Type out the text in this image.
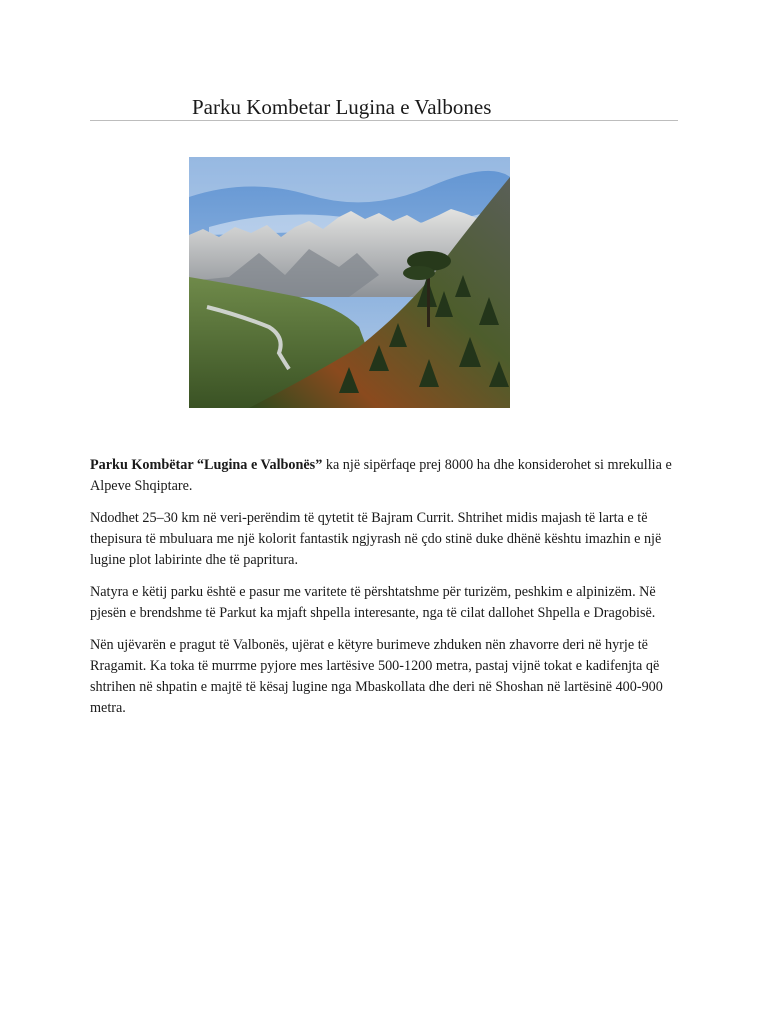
Parku Kombetar Lugina e Valbones

Parku Kombëtar “Lugina e Valbonës” ka një sipërfaqe prej 8000 ha dhe konsiderohet si mrekullia e Alpeve Shqiptare.

Ndodhet 25–30 km në veri-perëndim të qytetit të Bajram Currit. Shtrihet midis majash të larta e të thepisura të mbuluara me një kolorit fantastik ngjyrash në çdo stinë duke dhënë kështu imazhin e një lugine plot labirinte dhe të papritura.

Natyra e këtij parku është e pasur me varitete të përshtatshme për turizëm, peshkim e alpinizëm. Në pjesën e brendshme të Parkut ka mjaft shpella interesante, nga të cilat dallohet Shpella e Dragobisë.

Nën ujëvarën e pragut të Valbonës, ujërat e këtyre burimeve zhduken nën zhavorre deri në hyrje të Rragamit. Ka toka të murrme pyjore mes lartësive 500-1200 metra, pastaj vijnë tokat e kadifenjta që shtrihen në shpatin e majtë të kësaj lugine nga Mbaskollata dhe deri në Shoshan në lartësinë 400-900 metra.
